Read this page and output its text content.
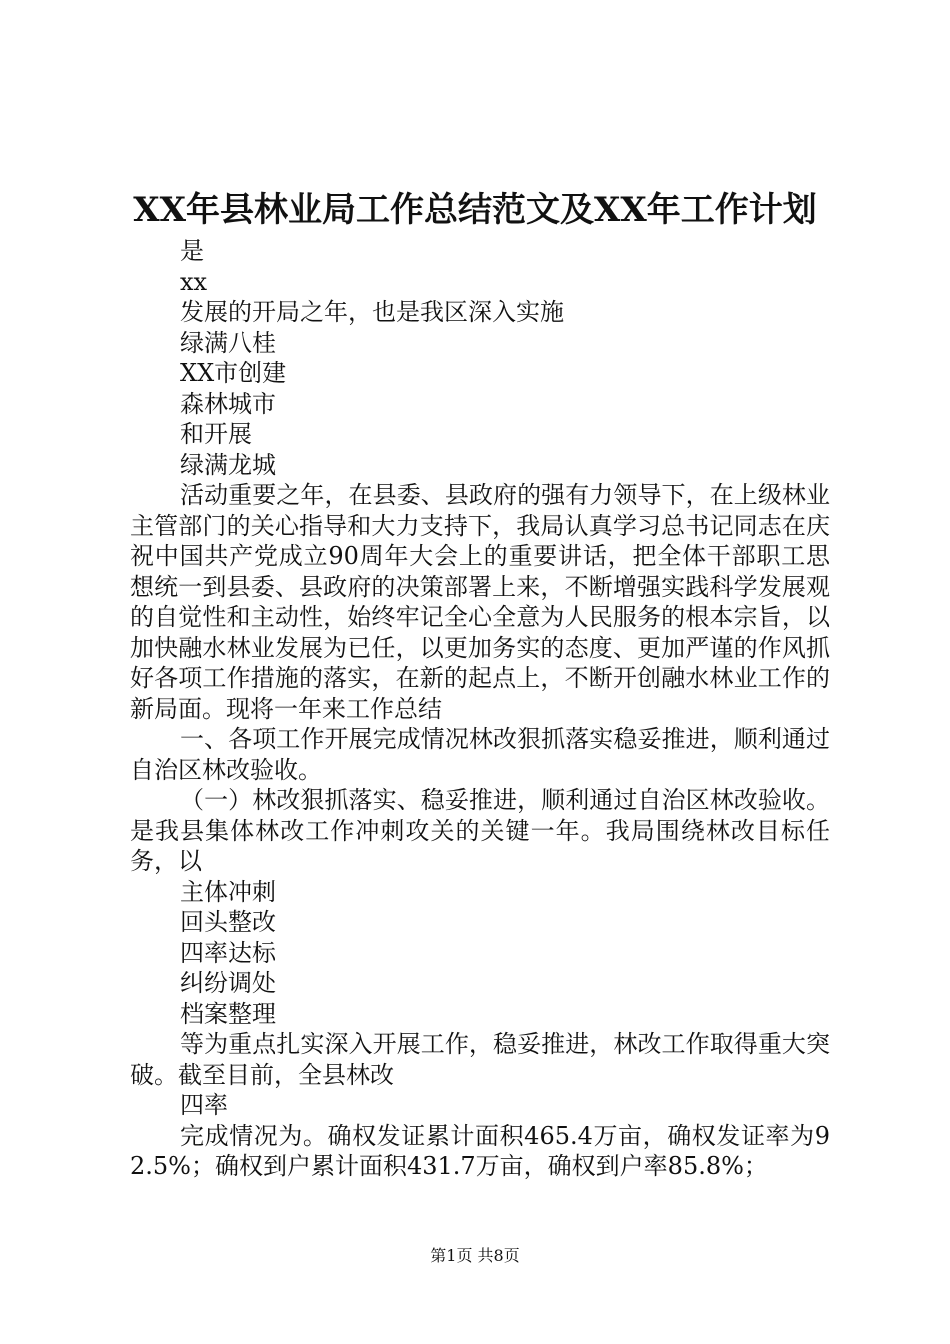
XX年县林业局工作总结范文及XX年工作计划

是

xx

发展的开局之年，也是我区深入实施

绿满八桂

XX市创建

森林城市

和开展

绿满龙城

活动重要之年，在县委、县政府的强有力领导下，在上级林业主管部门的关心指导和大力支持下，我局认真学习总书记同志在庆祝中国共产党成立90周年大会上的重要讲话，把全体干部职工思想统一到县委、县政府的决策部署上来，不断增强实践科学发展观的自觉性和主动性，始终牢记全心全意为人民服务的根本宗旨，以加快融水林业发展为已任，以更加务实的态度、更加严谨的作风抓好各项工作措施的落实，在新的起点上，不断开创融水林业工作的新局面。现将一年来工作总结

一、各项工作开展完成情况林改狠抓落实稳妥推进，顺利通过自治区林改验收。

（一）林改狠抓落实、稳妥推进，顺利通过自治区林改验收。是我县集体林改工作冲刺攻关的关键一年。我局围绕林改目标任务，以

主体冲刺

回头整改

四率达标

纠纷调处

档案整理

等为重点扎实深入开展工作，稳妥推进，林改工作取得重大突破。截至目前，全县林改

四率

完成情况为。确权发证累计面积465.4万亩，确权发证率为92.5%；确权到户累计面积431.7万亩，确权到户率85.8%；

第1页 共8页
